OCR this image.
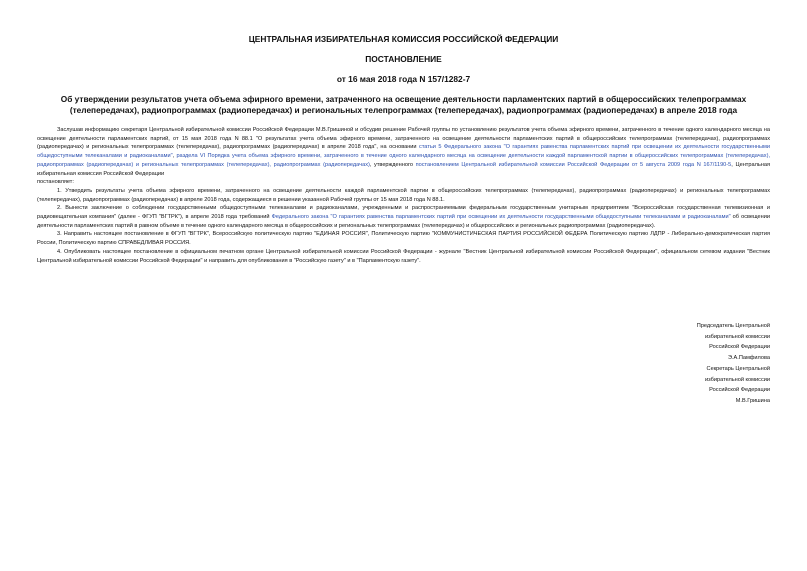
ЦЕНТРАЛЬНАЯ ИЗБИРАТЕЛЬНАЯ КОМИССИЯ РОССИЙСКОЙ ФЕДЕРАЦИИ
ПОСТАНОВЛЕНИЕ
от 16 мая 2018 года N 157/1282-7
Об утверждении результатов учета объема эфирного времени, затраченного на освещение деятельности парламентских партий в общероссийских телепрограммах (телепередачах), радиопрограммах (радиопередачах) и региональных телепрограммах (телепередачах), радиопрограммах (радиопередачах) в апреле 2018 года
Заслушав информацию секретаря Центральной избирательной комиссии Российской Федерации М.В.Гришиной и обсудив решение Рабочей группы по установлению результатов учета объема эфирного времени, затраченного в течение одного календарного месяца на освещение деятельности парламентских партий, от 15 мая 2018 года N 88.1 "О результатах учета объема эфирного времени, затраченного на освещение деятельности парламентских партий в общероссийских телепрограммах (телепередачах), радиопрограммах (радиопередачах) и региональных телепрограммах (телепередачах), радиопрограммах (радиопередачах) в апреле 2018 года", на основании статьи 5 Федерального закона "О гарантиях равенства парламентских партий при освещении их деятельности государственными общедоступными телеканалами и радиоканалами", раздела VI Порядка учета объема эфирного времени, затраченного в течение одного календарного месяца на освещение деятельности каждой парламентской партии в общероссийских телепрограммах (телепередачах), радиопрограммах (радиопередачах) и региональных телепрограммах (телепередачах), радиопрограммах (радиопередачах), утвержденного постановлением Центральной избирательной комиссии Российской Федерации от 5 августа 2009 года N 167/1190-5, Центральная избирательная комиссия Российской Федерации
постановляет:
1. Утвердить результаты учета объема эфирного времени, затраченного на освещение деятельности каждой парламентской партии в общероссийских телепрограммах (телепередачах), радиопрограммах (радиопередачах) и региональных телепрограммах (телепередачах), радиопрограммах (радиопередачах) в апреле 2018 года, содержащиеся в решении указанной Рабочей группы от 15 мая 2018 года N 88.1.
2. Вынести заключение о соблюдении государственными общедоступными телеканалами и радиоканалами, учрежденными и распространяемыми федеральным государственным унитарным предприятием "Всероссийская государственная телевизионная и радиовещательная компания" (далее - ФГУП "ВГТРК"), в апреле 2018 года требований Федерального закона "О гарантиях равенства парламентских партий при освещении их деятельности государственными общедоступными телеканалами и радиоканалами" об освещении деятельности парламентских партий в равном объеме в течение одного календарного месяца в общероссийских и региональных телепрограммах (телепередачах) и общероссийских и региональных радиопрограммах (радиопередачах).
3. Направить настоящее постановление в ФГУП "ВГТРК", Всероссийскую политическую партию "ЕДИНАЯ РОССИЯ", Политическую партию "КОММУНИСТИЧЕСКАЯ ПАРТИЯ РОССИЙСКОЙ ФЕДЕРА Политическую партию ЛДПР - Либерально-демократическая партия России, Политическую партию СПРАВЕДЛИВАЯ РОССИЯ.
4. Опубликовать настоящее постановление в официальном печатном органе Центральной избирательной комиссии Российской Федерации - журнале "Вестник Центральной избирательной комиссии Российской Федерации", официальном сетевом издании "Вестник Центральной избирательной комиссии Российской Федерации" и направить для опубликования в "Российскую газету" и в "Парламентскую газету".
Председатель Центральной
избирательной комиссии
Российской Федерации
Э.А.Памфилова
Секретарь Центральной
избирательной комиссии
Российской Федерации
М.В.Гришина
